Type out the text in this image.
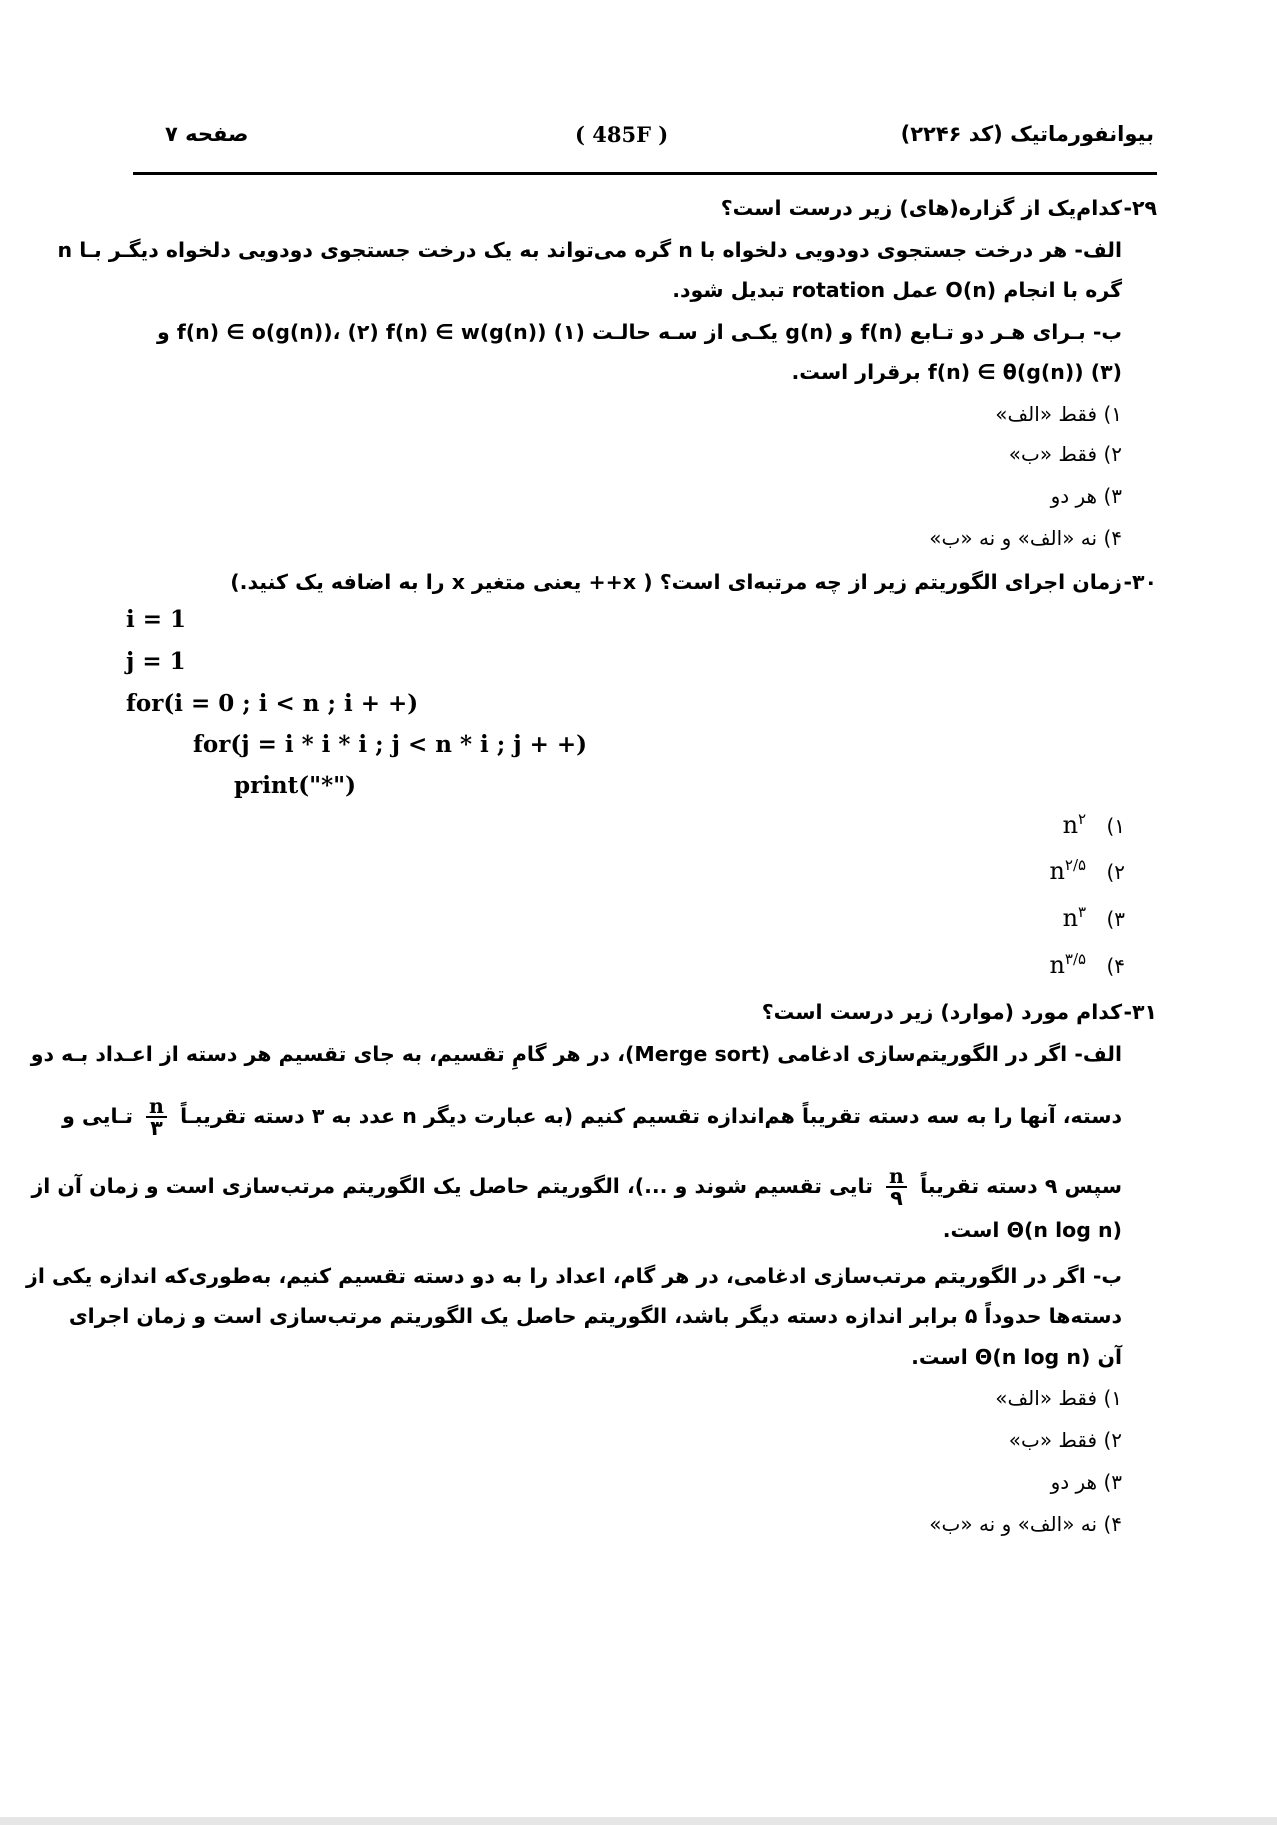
بیوانفورماتیک (کد ۲۲۴۶)
( 485F )
صفحه ۷
۲۹-
کدام‌یک از گزاره(های) زیر درست است؟
الف- هر درخت جستجوی دودویی دلخواه با n گره می‌تواند به یک درخت جستجوی دودویی دلخواه دیگـر بـا n
گره با انجام O(n) عمل rotation تبدیل شود.
ب- بـرای هـر دو تـابع f(n) و g(n) یکـی از سـه حالـت (۱) f(n) ∈ o(g(n))، (۲) f(n) ∈ w(g(n)) و
(۳) f(n) ∈ θ(g(n)) برقرار است.
۱) فقط «الف»
۲) فقط «ب»
۳) هر دو
۴) نه «الف» و نه «ب»
۳۰-
زمان اجرای الگوریتم زیر از چه مرتبه‌ای است؟ ( x++ یعنی متغیر x را به اضافه یک کنید.)
i = 1
j = 1
for(i = 0 ; i < n ; i + +)
for(j = i * i * i ; j < n * i ; j + +)
print("*")
$n^۲$ (۱
$n^{۲/۵}$ (۲
$n^۳$ (۳
$n^{۳/۵}$ (۴
۳۱-
کدام مورد (موارد) زیر درست است؟
الف- اگر در الگوریتم‌سازی ادغامی (Merge sort)، در هر گامِ تقسیم، به جای تقسیم هر دسته از اعـداد بـه دو
دسته، آنها را به سه دسته تقریباً هم‌اندازه تقسیم کنیم (به عبارت دیگر n عدد به ۳ دسته تقریبـاً
$\frac{n}{۳}$
تـایی و
سپس ۹ دسته تقریباً
$\frac{n}{۹}$
تایی تقسیم شوند و ...)، الگوریتم حاصل یک الگوریتم مرتب‌سازی است و زمان آن از
Θ(n log n) است.
ب- اگر در الگوریتم مرتب‌سازی ادغامی، در هر گام، اعداد را به دو دسته تقسیم کنیم، به‌طوری‌که اندازه یکی از
دسته‌ها حدوداً ۵ برابر اندازه دسته دیگر باشد، الگوریتم حاصل یک الگوریتم مرتب‌سازی است و زمان اجرای
آن Θ(n log n) است.
۱) فقط «الف»
۲) فقط «ب»
۳) هر دو
۴) نه «الف» و نه «ب»
